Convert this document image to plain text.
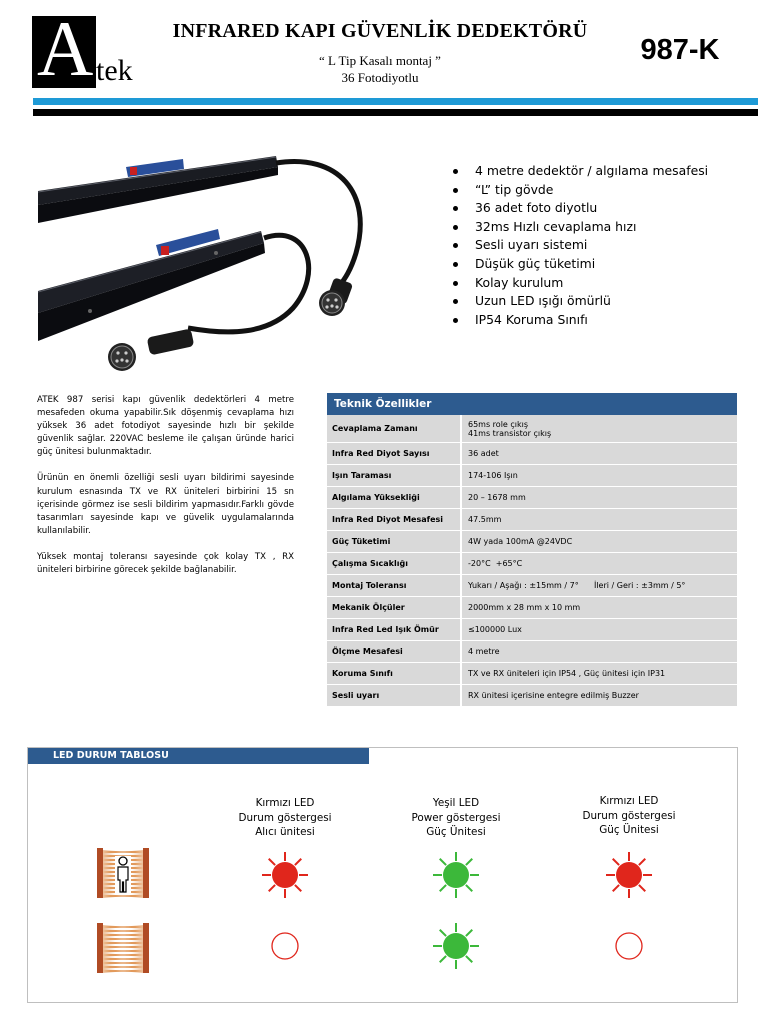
A tek
INFRARED KAPI GÜVENLİK DEDEKTÖRÜ
“ L Tip Kasalı montaj ”
36 Fotodiyotlu
987-K
4 metre dedektör / algılama mesafesi
“L” tip gövde
36 adet foto diyotlu
32ms Hızlı cevaplama hızı
Sesli uyarı sistemi
Düşük güç tüketimi
Kolay kurulum
Uzun LED ışığı ömürlü
IP54 Koruma Sınıfı

ATEK 987 serisi kapı güvenlik dedektörleri 4 metre mesafeden okuma yapabilir.Sık döşenmiş cevaplama hızı yüksek 36 adet fotodiyot sayesinde hızlı bir şekilde güvenlik sağlar. 220VAC besleme ile çalışan üründe harici güç ünitesi bulunmaktadır.

Ürünün en önemli özelliği sesli uyarı bildirimi sayesinde kurulum esnasında TX ve RX üniteleri birbirini 15 sn içerisinde görmez ise sesli bildirim yapmasıdır.Farklı gövde tasarımları sayesinde kapı ve güvelik uygulamalarında kullanılabilir.

Yüksek montaj toleransı sayesinde çok kolay TX , RX üniteleri birbirine görecek şekilde bağlanabilir.

Teknik Özellikler
Cevaplama Zamanı	65ms role çıkış
41ms transistor çıkış
Infra Red Diyot Sayısı	36 adet
Işın Taraması	174-106 Işın
Algılama Yüksekliği	20 – 1678 mm
Infra Red Diyot Mesafesi	47.5mm
Güç Tüketimi	4W yada 100mA @24VDC
Çalışma Sıcaklığı	-20°C  +65°C
Montaj Toleransı	Yukarı / Aşağı : ±15mm / 7°      İleri / Geri : ±3mm / 5°
Mekanik Ölçüler	2000mm x 28 mm x 10 mm
Infra Red Led Işık Ömür	≤100000 Lux
Ölçme Mesafesi	4 metre
Koruma Sınıfı	TX ve RX üniteleri için IP54 , Güç ünitesi için IP31
Sesli uyarı	RX ünitesi içerisine entegre edilmiş Buzzer
LED DURUM TABLOSU
Kırmızı LED
Durum göstergesi
Alıcı ünitesi
Yeşil LED
Power göstergesi
Güç Ünitesi
Kırmızı LED
Durum göstergesi
Güç Ünitesi
